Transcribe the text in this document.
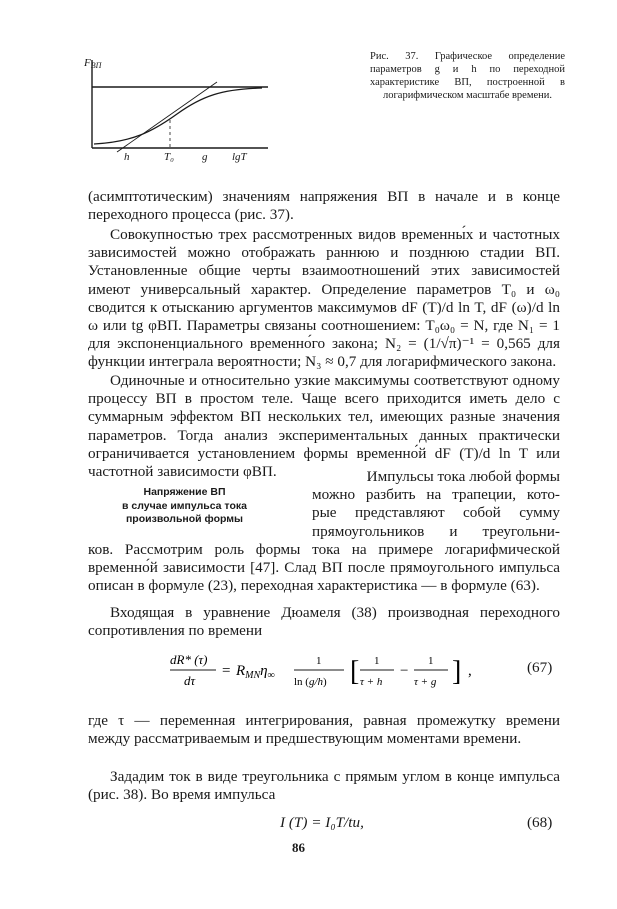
FВП
h	T₀	g lgT
Рис. 37. Графическое определение параметров g и h по переходной характеристике ВП, построенной в логарифмическом масштабе времени.
(асимптотическим) значениям напряжения ВП в начале и в конце переходного процесса (рис. 37).
Совокупностью трех рассмотренных видов временны́х и частотных зависимостей можно отображать раннюю и позднюю стадии ВП. Установленные общие черты взаимоотношений этих зависимостей имеют универсальный характер. Определение параметров T₀ и ω₀ сводится к отысканию аргументов максимумов dF (T)/d ln T, dF (ω)/d ln ω или tg φВП. Параметры связаны соотношением: T₀ω₀ = N, где N₁ = 1 для экспоненциального временно́го закона; N₂ = (1/√π)⁻¹ = 0,565 для функции интеграла вероятности; N₃ ≈ 0,7 для логарифмического закона.
Одиночные и относительно узкие максимумы соответствуют одному процессу ВП в простом теле. Чаще всего приходится иметь дело с суммарным эффектом ВП нескольких тел, имеющих разные значения параметров. Тогда анализ экспериментальных данных практически ограничивается установлением формы временно́й dF (T)/d ln T или частотной зависимости φВП.
Напряжение ВП
в случае импульса тока
произвольной формы
Импульсы тока любой формы
можно разбить на трапеции, кото-
рые представляют собой сумму
прямоугольников и треугольни-
ков. Рассмотрим роль формы тока на примере логарифмической временно́й зависимости [47]. Слад ВП после прямоугольного импульса описан в формуле (23), переходная характеристика — в формуле (63).
Входящая в уравнение Дюамеля (38) производная переходного сопротивления по времени
dR* (τ)
dτ
= $R_{MN}\eta_\infty$
1
ln (g/h) [ 1
τ + h
−
1
τ + g ] ,	(67)
где τ — переменная интегрирования, равная промежутку времени между рассматриваемым и предшествующим моментами времени.
Зададим ток в виде треугольника с прямым углом в конце импульса (рис. 38). Во время импульса
I (T) = I₀T/tи,	(68)
86
